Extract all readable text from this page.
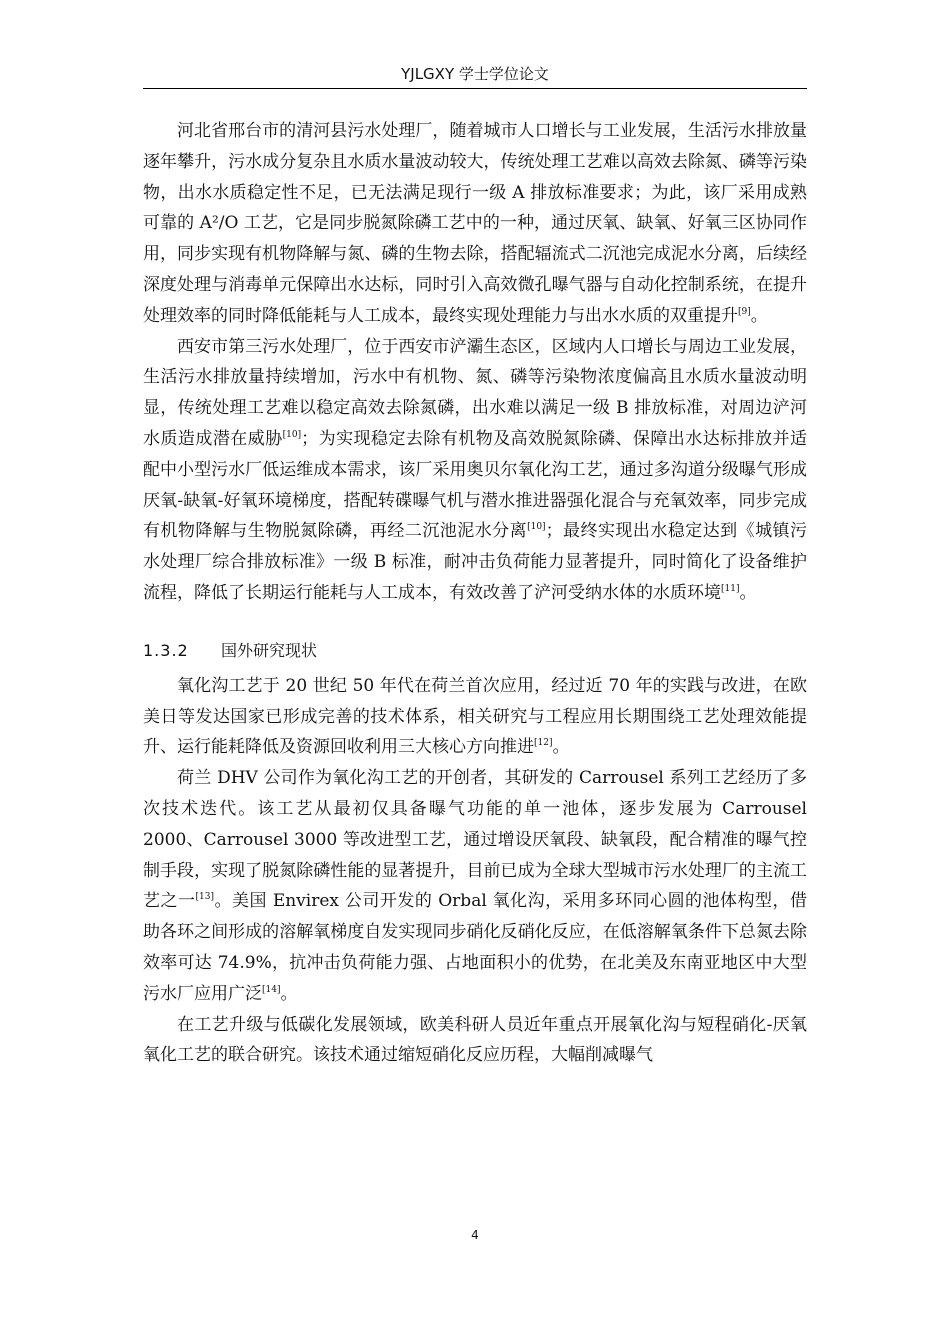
YJLGXY 学士学位论文

河北省邢台市的清河县污水处理厂，随着城市人口增长与工业发展，生活污水排放量逐年攀升，污水成分复杂且水质水量波动较大，传统处理工艺难以高效去除氮、磷等污染物，出水水质稳定性不足，已无法满足现行一级 A 排放标准要求；为此，该厂采用成熟可靠的 A²/O 工艺，它是同步脱氮除磷工艺中的一种，通过厌氧、缺氧、好氧三区协同作用，同步实现有机物降解与氮、磷的生物去除，搭配辐流式二沉池完成泥水分离，后续经深度处理与消毒单元保障出水达标，同时引入高效微孔曝气器与自动化控制系统，在提升处理效率的同时降低能耗与人工成本，最终实现处理能力与出水水质的双重提升[9]。

西安市第三污水处理厂，位于西安市浐灞生态区，区域内人口增长与周边工业发展，生活污水排放量持续增加，污水中有机物、氮、磷等污染物浓度偏高且水质水量波动明显，传统处理工艺难以稳定高效去除氮磷，出水难以满足一级 B 排放标准，对周边浐河水质造成潜在威胁[10]；为实现稳定去除有机物及高效脱氮除磷、保障出水达标排放并适配中小型污水厂低运维成本需求，该厂采用奥贝尔氧化沟工艺，通过多沟道分级曝气形成厌氧-缺氧-好氧环境梯度，搭配转碟曝气机与潜水推进器强化混合与充氧效率，同步完成有机物降解与生物脱氮除磷，再经二沉池泥水分离[10]；最终实现出水稳定达到《城镇污水处理厂综合排放标准》一级 B 标准，耐冲击负荷能力显著提升，同时简化了设备维护流程，降低了长期运行能耗与人工成本，有效改善了浐河受纳水体的水质环境[11]。

1.3.2 国外研究现状

氧化沟工艺于 20 世纪 50 年代在荷兰首次应用，经过近 70 年的实践与改进，在欧美日等发达国家已形成完善的技术体系，相关研究与工程应用长期围绕工艺处理效能提升、运行能耗降低及资源回收利用三大核心方向推进[12]。

荷兰 DHV 公司作为氧化沟工艺的开创者，其研发的 Carrousel 系列工艺经历了多次技术迭代。该工艺从最初仅具备曝气功能的单一池体，逐步发展为 Carrousel 2000、Carrousel 3000 等改进型工艺，通过增设厌氧段、缺氧段，配合精准的曝气控制手段，实现了脱氮除磷性能的显著提升，目前已成为全球大型城市污水处理厂的主流工艺之一[13]。美国 Envirex 公司开发的 Orbal 氧化沟，采用多环同心圆的池体构型，借助各环之间形成的溶解氧梯度自发实现同步硝化反硝化反应，在低溶解氧条件下总氮去除效率可达 74.9%，抗冲击负荷能力强、占地面积小的优势，在北美及东南亚地区中大型污水厂应用广泛[14]。

在工艺升级与低碳化发展领域，欧美科研人员近年重点开展氧化沟与短程硝化-厌氧氧化工艺的联合研究。该技术通过缩短硝化反应历程，大幅削减曝气

4
